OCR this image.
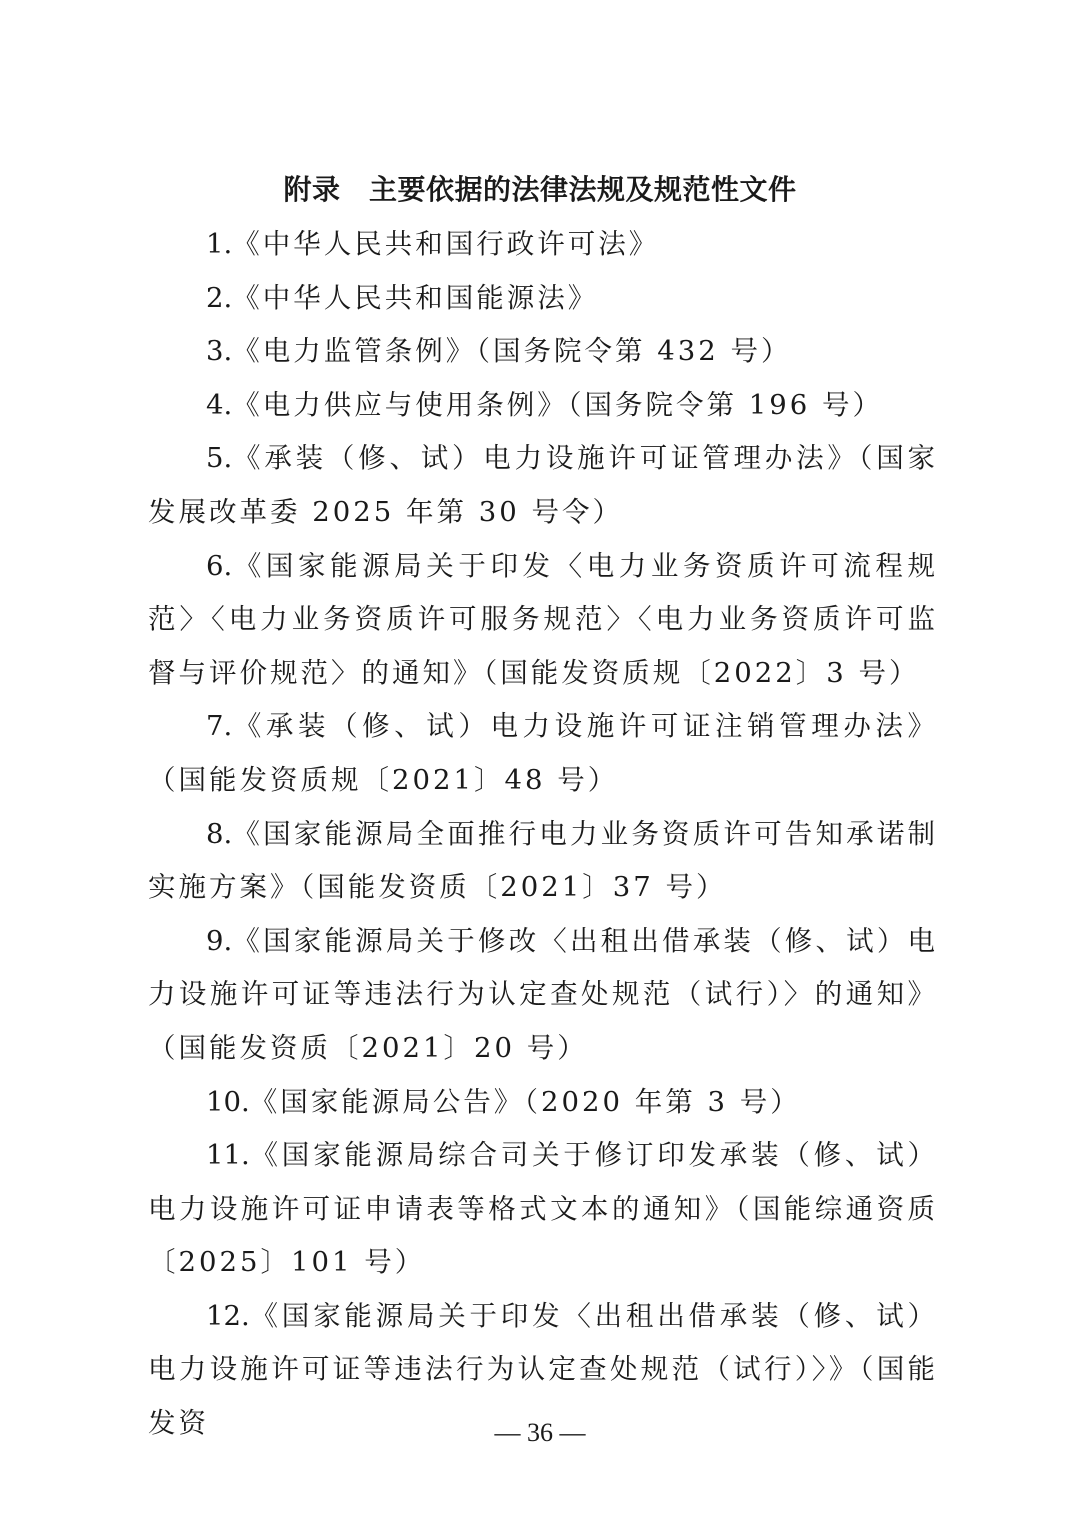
附录　主要依据的法律法规及规范性文件

1.《中华人民共和国行政许可法》

2.《中华人民共和国能源法》

3.《电力监管条例》（国务院令第 432 号）

4.《电力供应与使用条例》（国务院令第 196 号）

5.《承装（修、试）电力设施许可证管理办法》（国家发展改革委 2025 年第 30 号令）

6.《国家能源局关于印发〈电力业务资质许可流程规范〉〈电力业务资质许可服务规范〉〈电力业务资质许可监督与评价规范〉的通知》（国能发资质规〔2022〕3 号）

7.《承装（修、试）电力设施许可证注销管理办法》（国能发资质规〔2021〕48 号）

8.《国家能源局全面推行电力业务资质许可告知承诺制实施方案》（国能发资质〔2021〕37 号）

9.《国家能源局关于修改〈出租出借承装（修、试）电力设施许可证等违法行为认定查处规范（试行）〉的通知》（国能发资质〔2021〕20 号）

10.《国家能源局公告》（2020 年第 3 号）

11.《国家能源局综合司关于修订印发承装（修、试）电力设施许可证申请表等格式文本的通知》（国能综通资质〔2025〕101 号）

12.《国家能源局关于印发〈出租出借承装（修、试）电力设施许可证等违法行为认定查处规范（试行）〉》（国能发资	— 36 —
